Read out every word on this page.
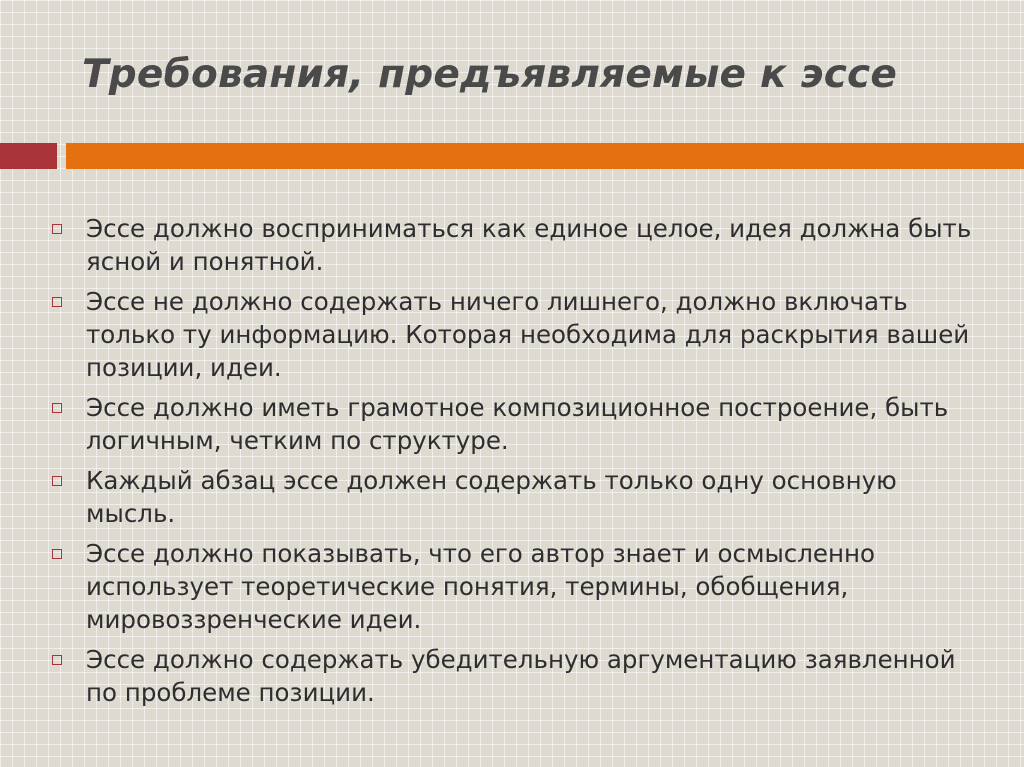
Требования, предъявляемые к эссе
Эссе должно восприниматься как единое целое, идея должна быть ясной и понятной.
Эссе не должно содержать ничего лишнего, должно включать только ту информацию. Которая необходима для раскрытия вашей позиции, идеи.
Эссе должно иметь грамотное композиционное построение, быть логичным, четким по структуре.
Каждый абзац эссе должен содержать только одну основную мысль.
Эссе должно показывать, что его автор знает и осмысленно использует теоретические понятия, термины, обобщения, мировоззренческие идеи.
Эссе должно содержать убедительную аргументацию заявленной по проблеме позиции.
